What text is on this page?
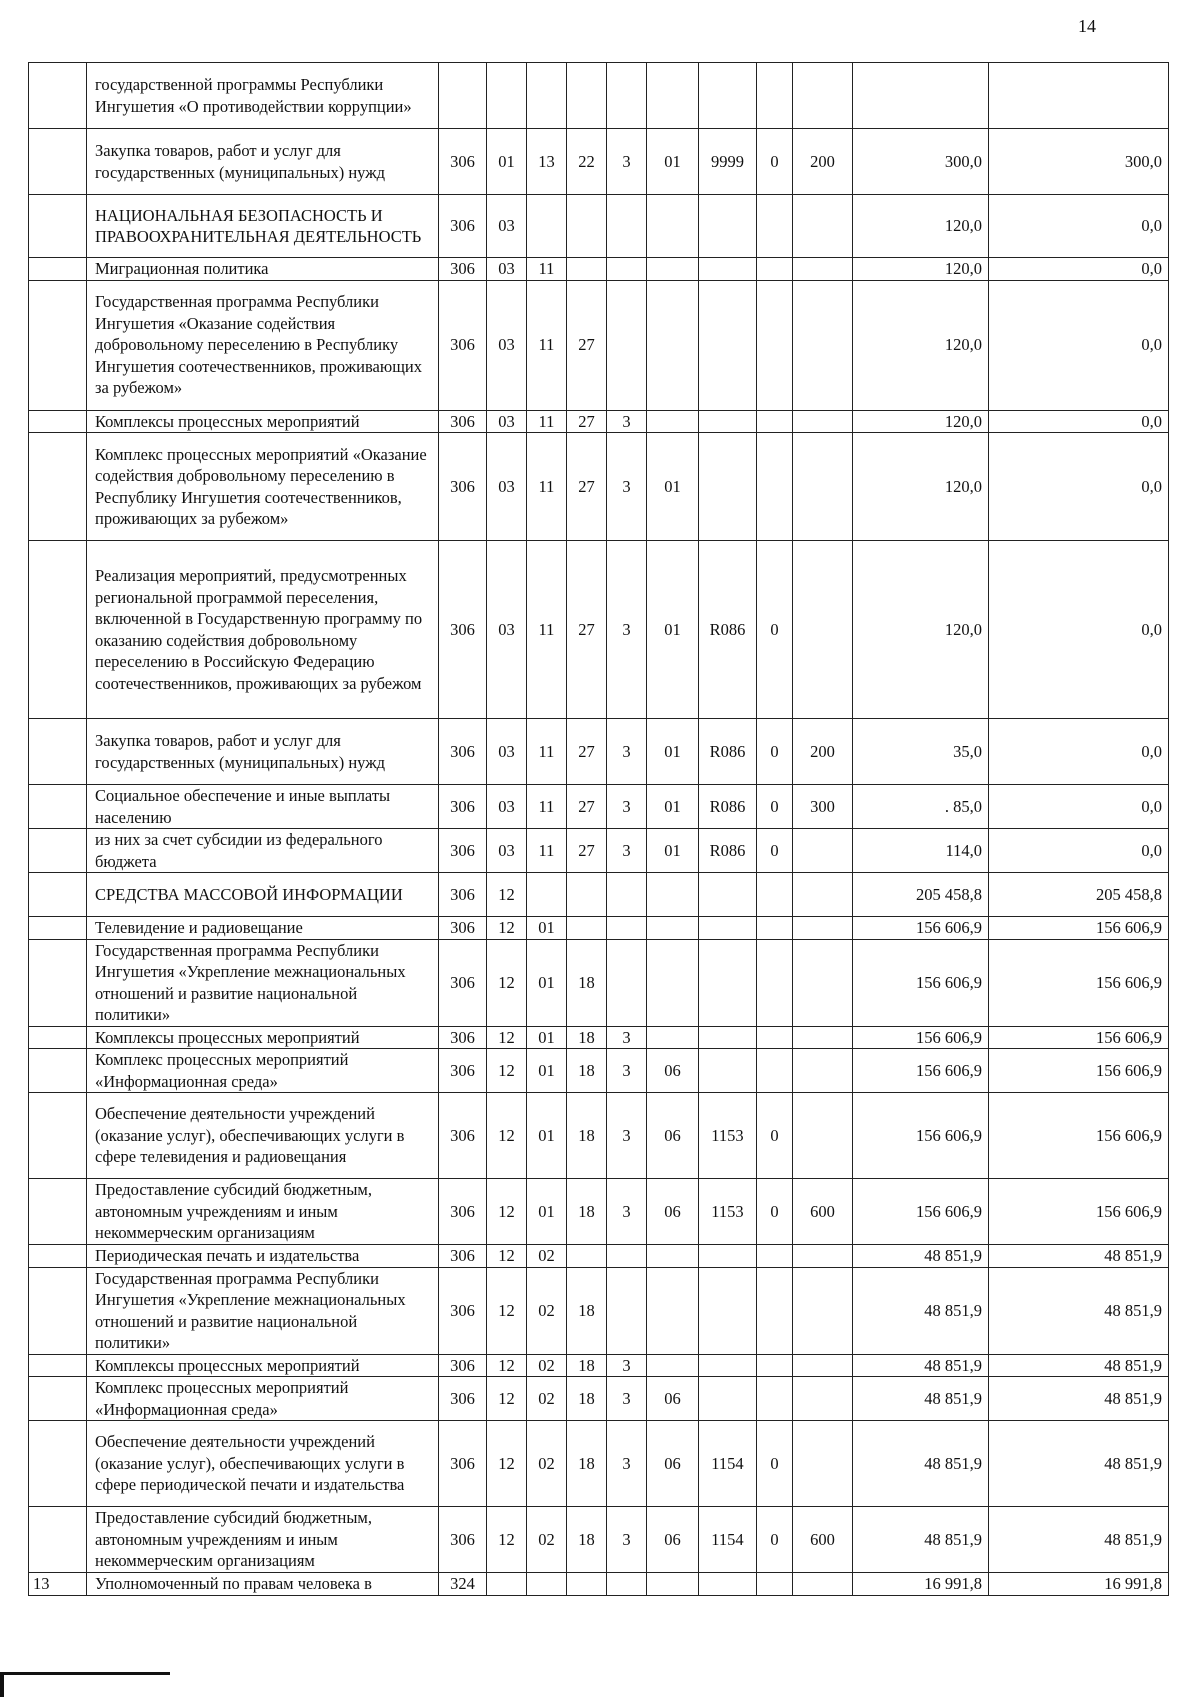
14
	государственной программы Республики Ингушетия «О противодействии коррупции»											
	Закупка товаров, работ и услуг для государственных (муниципальных) нужд	306	01	13	22	3	01	9999	0	200	300,0	300,0
	НАЦИОНАЛЬНАЯ БЕЗОПАСНОСТЬ И ПРАВООХРАНИТЕЛЬНАЯ ДЕЯТЕЛЬНОСТЬ	306	03								120,0	0,0
	Миграционная политика	306	03	11							120,0	0,0
	Государственная программа Республики Ингушетия «Оказание содействия добровольному переселению в Республику Ингушетия соотечественников, проживающих за рубежом»	306	03	11	27						120,0	0,0
	Комплексы процессных мероприятий	306	03	11	27	3					120,0	0,0
	Комплекс процессных мероприятий «Оказание содействия добровольному переселению в Республику Ингушетия соотечественников, проживающих за рубежом»	306	03	11	27	3	01				120,0	0,0
	Реализация мероприятий, предусмотренных региональной программой переселения, включенной в Государственную программу по оказанию содействия добровольному переселению в Российскую Федерацию соотечественников, проживающих за рубежом	306	03	11	27	3	01	R086	0		120,0	0,0
	Закупка товаров, работ и услуг для государственных (муниципальных) нужд	306	03	11	27	3	01	R086	0	200	35,0	0,0
	Социальное обеспечение и иные выплаты населению	306	03	11	27	3	01	R086	0	300	. 85,0	0,0
	из них за счет субсидии из федерального бюджета	306	03	11	27	3	01	R086	0		114,0	0,0
	СРЕДСТВА МАССОВОЙ ИНФОРМАЦИИ	306	12								205 458,8	205 458,8
	Телевидение и радиовещание	306	12	01							156 606,9	156 606,9
	Государственная программа Республики Ингушетия «Укрепление межнациональных отношений и развитие национальной политики»	306	12	01	18						156 606,9	156 606,9
	Комплексы процессных мероприятий	306	12	01	18	3					156 606,9	156 606,9
	Комплекс процессных мероприятий «Информационная среда»	306	12	01	18	3	06				156 606,9	156 606,9
	Обеспечение деятельности учреждений (оказание услуг), обеспечивающих услуги в сфере телевидения и радиовещания	306	12	01	18	3	06	1153	0		156 606,9	156 606,9
	Предоставление субсидий бюджетным, автономным учреждениям и иным некоммерческим организациям	306	12	01	18	3	06	1153	0	600	156 606,9	156 606,9
	Периодическая печать и издательства	306	12	02							48 851,9	48 851,9
	Государственная программа Республики Ингушетия «Укрепление межнациональных отношений и развитие национальной политики»	306	12	02	18						48 851,9	48 851,9
	Комплексы процессных мероприятий	306	12	02	18	3					48 851,9	48 851,9
	Комплекс процессных мероприятий «Информационная среда»	306	12	02	18	3	06				48 851,9	48 851,9
	Обеспечение деятельности учреждений (оказание услуг), обеспечивающих услуги в сфере периодической печати и издательства	306	12	02	18	3	06	1154	0		48 851,9	48 851,9
	Предоставление субсидий бюджетным, автономным учреждениям и иным некоммерческим организациям	306	12	02	18	3	06	1154	0	600	48 851,9	48 851,9
13	Уполномоченный по правам человека в	324									16 991,8	16 991,8
